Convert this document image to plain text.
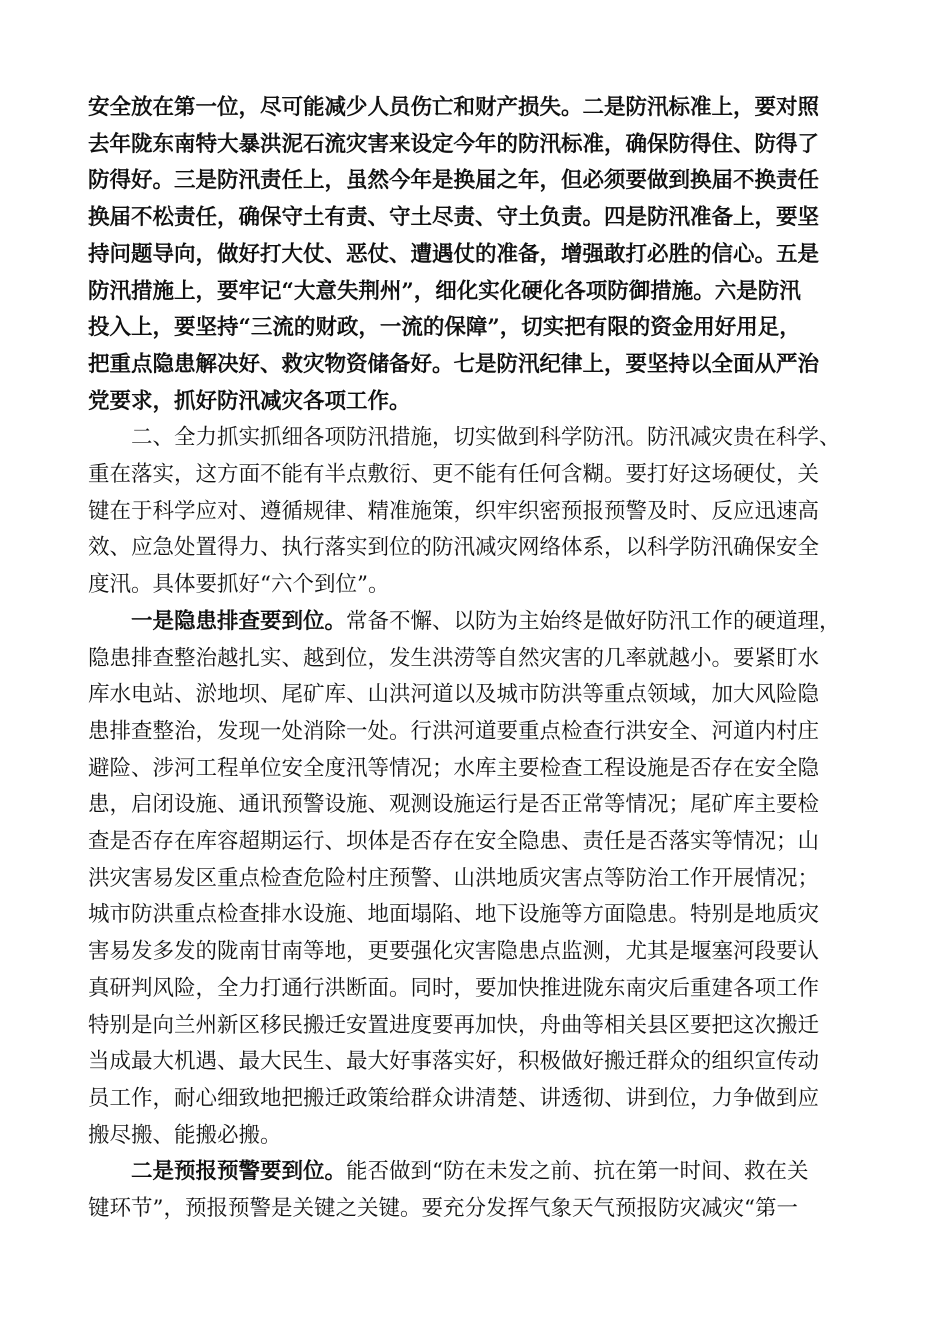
安全放在第一位，尽可能减少人员伤亡和财产损失。二是防汛标准上，要对照
去年陇东南特大暴洪泥石流灾害来设定今年的防汛标准，确保防得住、防得了
防得好。三是防汛责任上，虽然今年是换届之年，但必须要做到换届不换责任
换届不松责任，确保守土有责、守土尽责、守土负责。四是防汛准备上，要坚
持问题导向，做好打大仗、恶仗、遭遇仗的准备，增强敢打必胜的信心。五是
防汛措施上，要牢记“大意失荆州”，细化实化硬化各项防御措施。六是防汛
投入上，要坚持“三流的财政，一流的保障”，切实把有限的资金用好用足，
把重点隐患解决好、救灾物资储备好。七是防汛纪律上，要坚持以全面从严治
党要求，抓好防汛减灾各项工作。

二、全力抓实抓细各项防汛措施，切实做到科学防汛。防汛减灾贵在科学、
重在落实，这方面不能有半点敷衍、更不能有任何含糊。要打好这场硬仗，关
键在于科学应对、遵循规律、精准施策，织牢织密预报预警及时、反应迅速高
效、应急处置得力、执行落实到位的防汛减灾网络体系，以科学防汛确保安全
度汛。具体要抓好“六个到位”。

一是隐患排查要到位。常备不懈、以防为主始终是做好防汛工作的硬道理，
隐患排查整治越扎实、越到位，发生洪涝等自然灾害的几率就越小。要紧盯水
库水电站、淤地坝、尾矿库、山洪河道以及城市防洪等重点领域，加大风险隐
患排查整治，发现一处消除一处。行洪河道要重点检查行洪安全、河道内村庄
避险、涉河工程单位安全度汛等情况；水库主要检查工程设施是否存在安全隐
患，启闭设施、通讯预警设施、观测设施运行是否正常等情况；尾矿库主要检
查是否存在库容超期运行、坝体是否存在安全隐患、责任是否落实等情况；山
洪灾害易发区重点检查危险村庄预警、山洪地质灾害点等防治工作开展情况；
城市防洪重点检查排水设施、地面塌陷、地下设施等方面隐患。特别是地质灾
害易发多发的陇南甘南等地，更要强化灾害隐患点监测，尤其是堰塞河段要认
真研判风险，全力打通行洪断面。同时，要加快推进陇东南灾后重建各项工作
特别是向兰州新区移民搬迁安置进度要再加快，舟曲等相关县区要把这次搬迁
当成最大机遇、最大民生、最大好事落实好，积极做好搬迁群众的组织宣传动
员工作，耐心细致地把搬迁政策给群众讲清楚、讲透彻、讲到位，力争做到应
搬尽搬、能搬必搬。

二是预报预警要到位。能否做到“防在未发之前、抗在第一时间、救在关
键环节”，预报预警是关键之关键。要充分发挥气象天气预报防灾减灾“第一
